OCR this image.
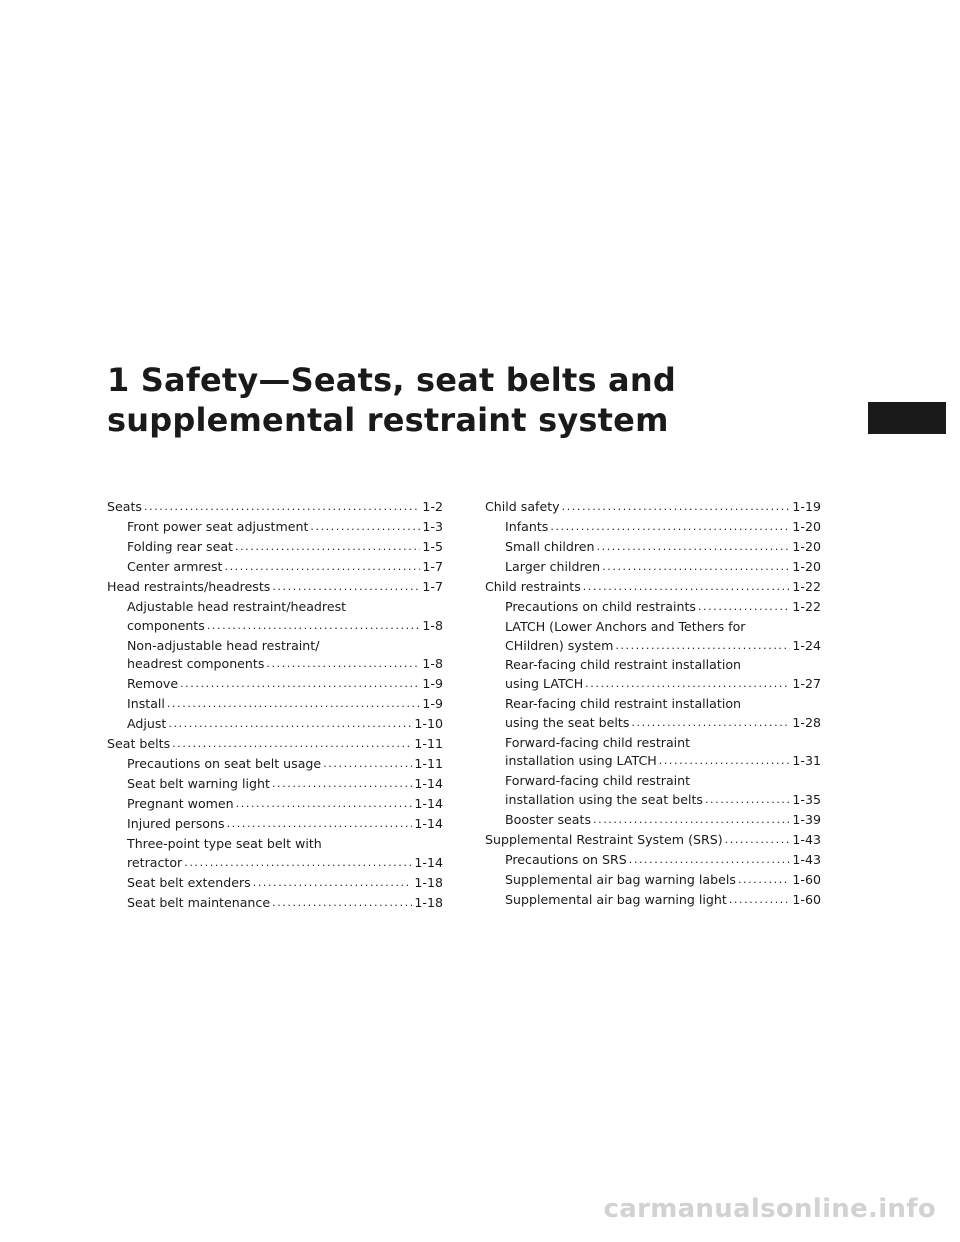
1 Safety—Seats, seat belts and
supplemental restraint system
Seats .....	1-2
Front power seat adjustment .....	1-3
Folding rear seat .....	1-5
Center armrest .....	1-7
Head restraints/headrests .....	1-7
Adjustable head restraint/headrest
components .....	1-8
Non-adjustable head restraint/
headrest components .....	1-8
Remove .....	1-9
Install .....	1-9
Adjust .....	1-10
Seat belts .....	1-11
Precautions on seat belt usage .....	1-11
Seat belt warning light .....	1-14
Pregnant women .....	1-14
Injured persons .....	1-14
Three-point type seat belt with
retractor .....	1-14
Seat belt extenders .....	1-18
Seat belt maintenance .....	1-18
Child safety .....	1-19
Infants .....	1-20
Small children .....	1-20
Larger children .....	1-20
Child restraints .....	1-22
Precautions on child restraints .....	1-22
LATCH (Lower Anchors and Tethers for
CHildren) system .....	1-24
Rear-facing child restraint installation
using LATCH .....	1-27
Rear-facing child restraint installation
using the seat belts .....	1-28
Forward-facing child restraint
installation using LATCH .....	1-31
Forward-facing child restraint
installation using the seat belts .....	1-35
Booster seats .....	1-39
Supplemental Restraint System (SRS) .....	1-43
Precautions on SRS .....	1-43
Supplemental air bag warning labels .....	1-60
Supplemental air bag warning light .....	1-60
carmanualsonline.info
